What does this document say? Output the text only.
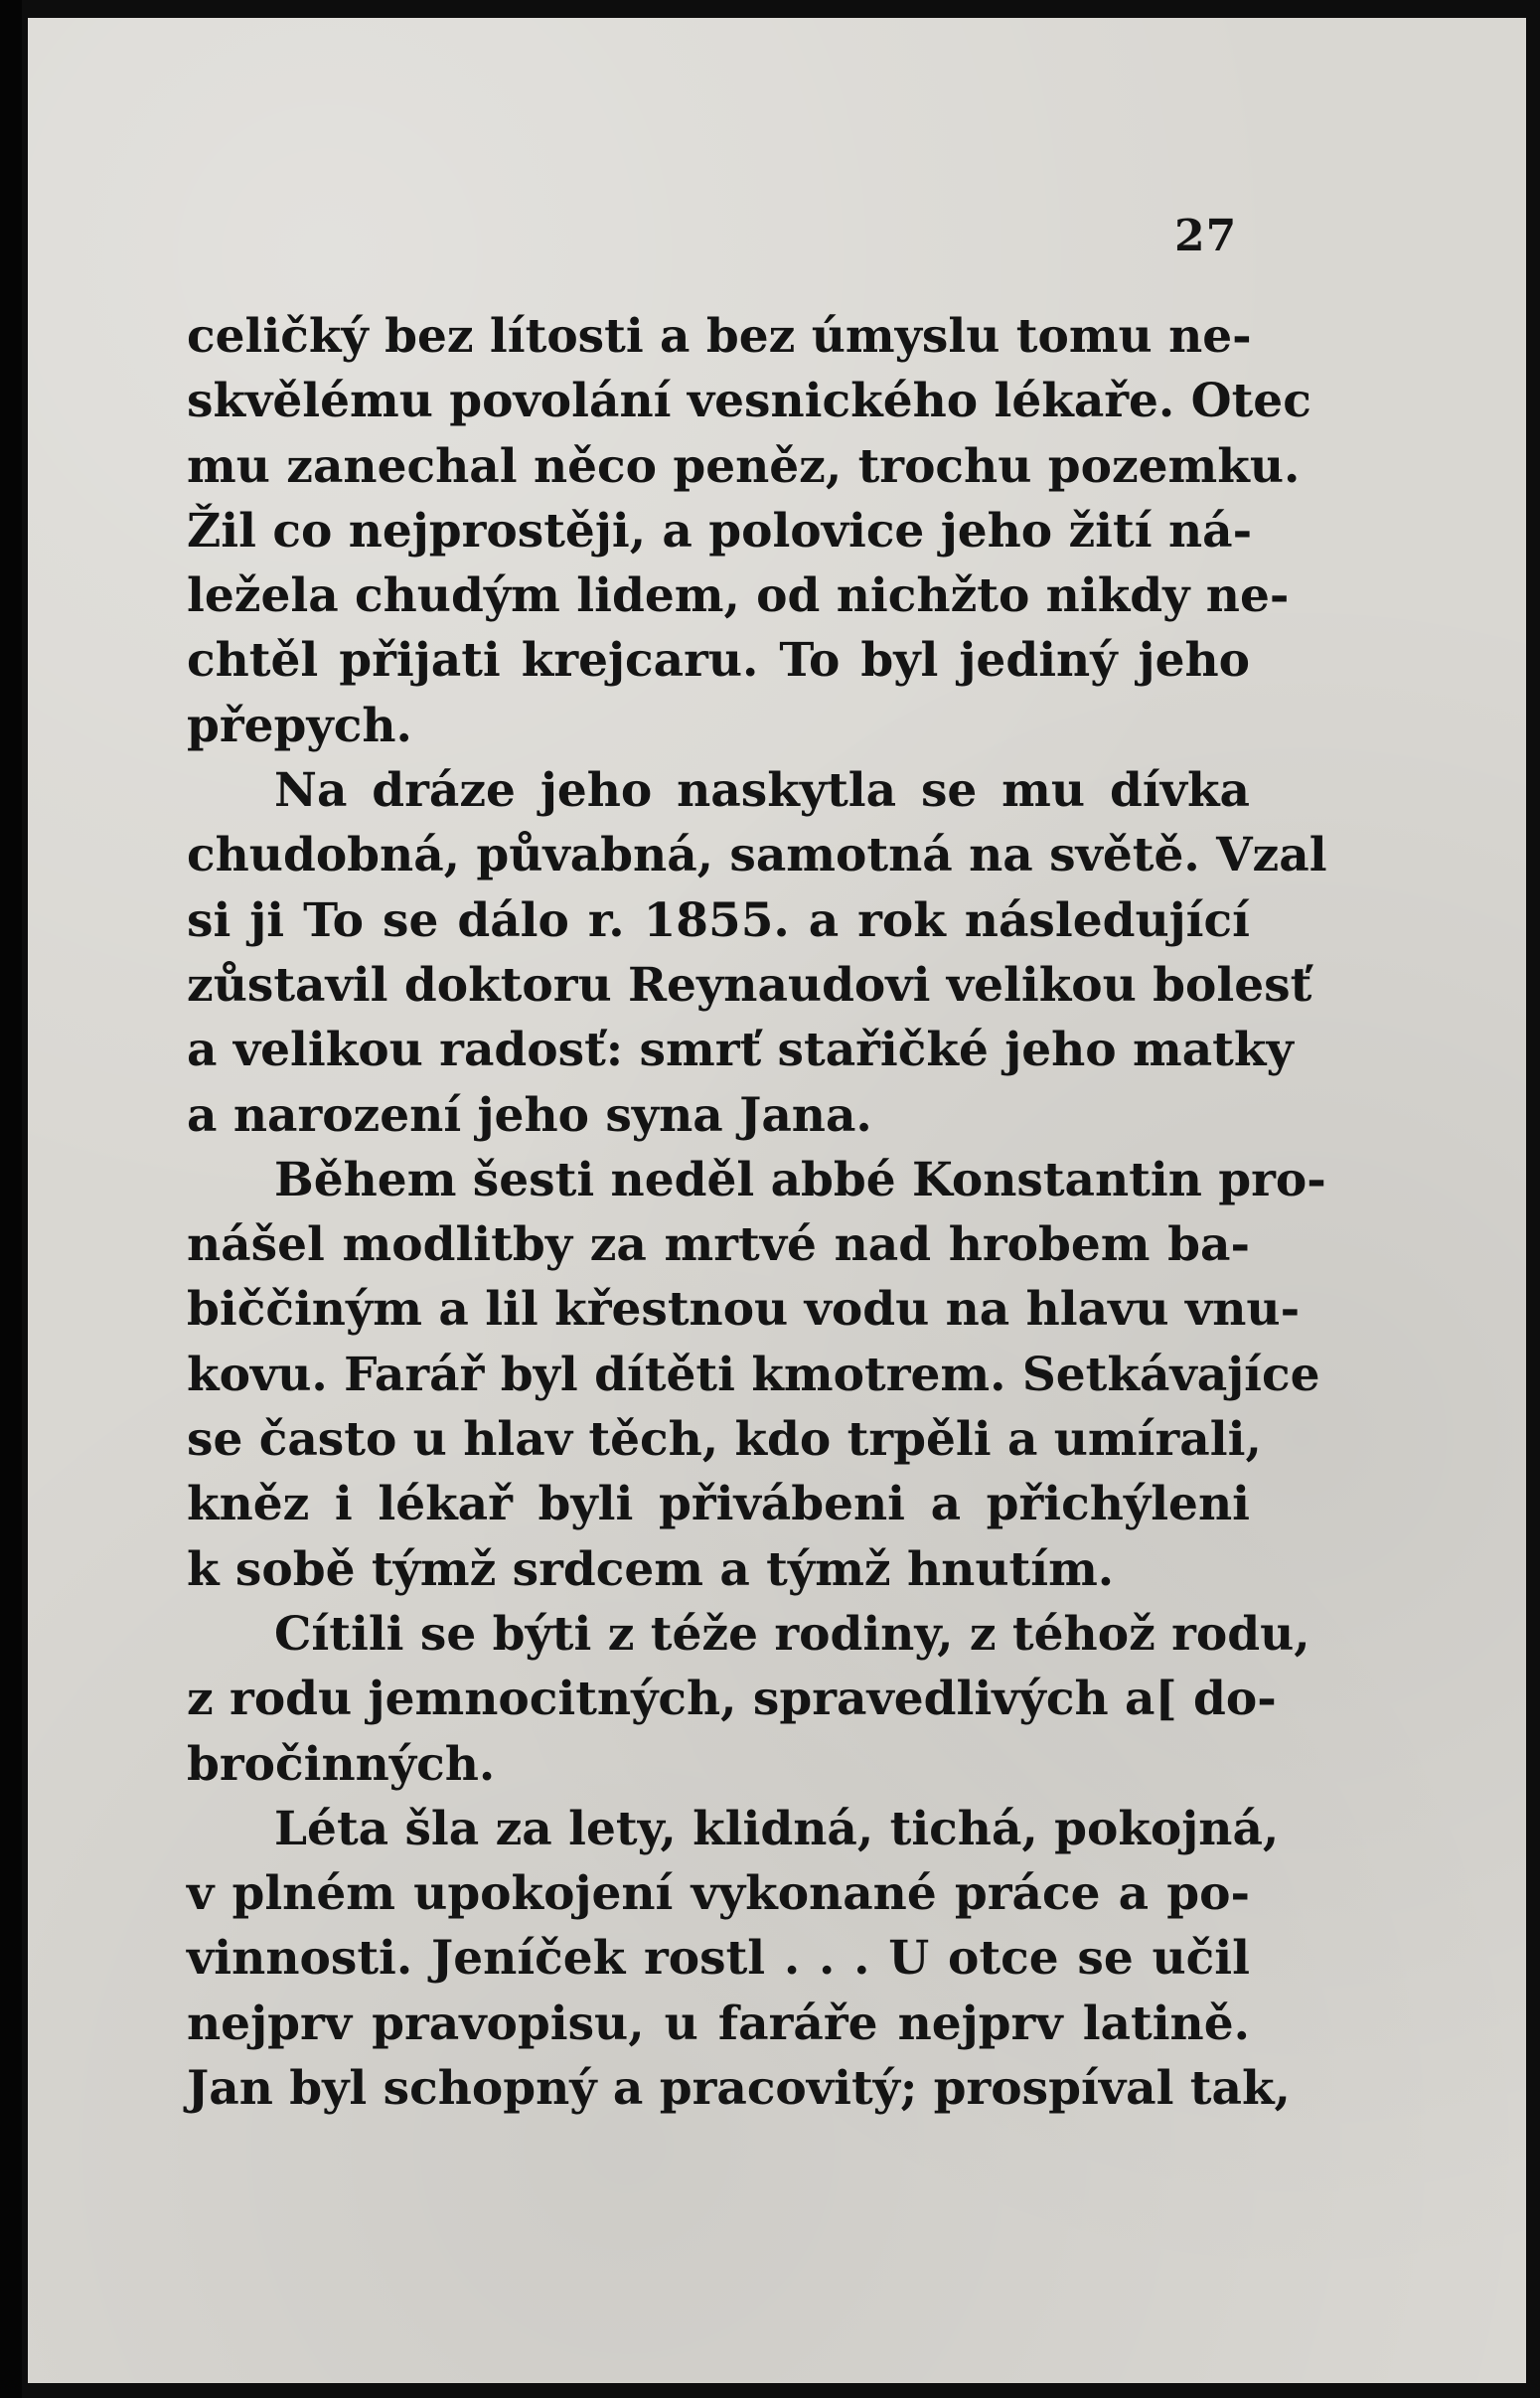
27
celičký bez lítosti a bez úmyslu tomu ne-
skvělému povolání vesnického lékaře. Otec
mu zanechal něco peněz, trochu pozemku.
Žil co nejprostěji, a polovice jeho žití ná-
ležela chudým lidem, od nichžto nikdy ne-
chtěl přijati krejcaru. To byl jediný jeho
přepych.
Na dráze jeho naskytla se mu dívka
chudobná, půvabná, samotná na světě. Vzal
si ji To se dálo r. 1855. a rok následující
zůstavil doktoru Reynaudovi velikou bolesť
a velikou radosť: smrť stařičké jeho matky
a narození jeho syna Jana.
Během šesti neděl abbé Konstantin pro-
nášel modlitby za mrtvé nad hrobem ba-
biččiným a lil křestnou vodu na hlavu vnu-
kovu. Farář byl dítěti kmotrem. Setkávajíce
se často u hlav těch, kdo trpěli a umírali,
kněz i lékař byli přivábeni a přichýleni
k sobě týmž srdcem a týmž hnutím.
Cítili se býti z téže rodiny, z téhož rodu,
z rodu jemnocitných, spravedlivých a[ do-
bročinných.
Léta šla za lety, klidná, tichá, pokojná,
v plném upokojení vykonané práce a po-
vinnosti. Jeníček rostl . . . U otce se učil
nejprv pravopisu, u faráře nejprv latině.
Jan byl schopný a pracovitý; prospíval tak,
